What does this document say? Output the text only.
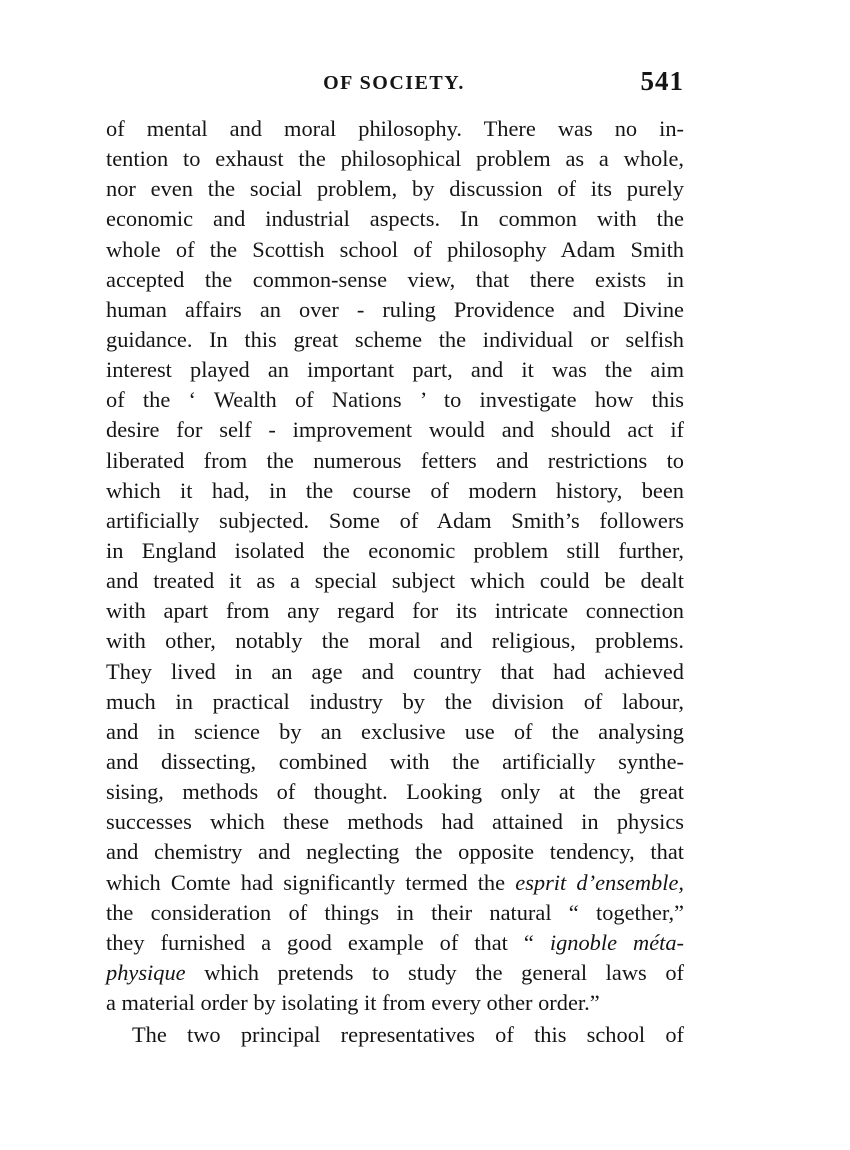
OF SOCIETY.	541
of mental and moral philosophy. There was no in-
tention to exhaust the philosophical problem as a whole,
nor even the social problem, by discussion of its purely
economic and industrial aspects. In common with the
whole of the Scottish school of philosophy Adam Smith
accepted the common-sense view, that there exists in
human affairs an over - ruling Providence and Divine
guidance. In this great scheme the individual or selfish
interest played an important part, and it was the aim
of the ‘ Wealth of Nations ’ to investigate how this
desire for self - improvement would and should act if
liberated from the numerous fetters and restrictions to
which it had, in the course of modern history, been
artificially subjected. Some of Adam Smith’s followers
in England isolated the economic problem still further,
and treated it as a special subject which could be dealt
with apart from any regard for its intricate connection
with other, notably the moral and religious, problems.
They lived in an age and country that had achieved
much in practical industry by the division of labour,
and in science by an exclusive use of the analysing
and dissecting, combined with the artificially synthe-
sising, methods of thought. Looking only at the great
successes which these methods had attained in physics
and chemistry and neglecting the opposite tendency, that
which Comte had significantly termed the esprit d’ensemble,
the consideration of things in their natural “ together,”
they furnished a good example of that “ ignoble méta-
physique which pretends to study the general laws of
a material order by isolating it from every other order.”
The two principal representatives of this school of
